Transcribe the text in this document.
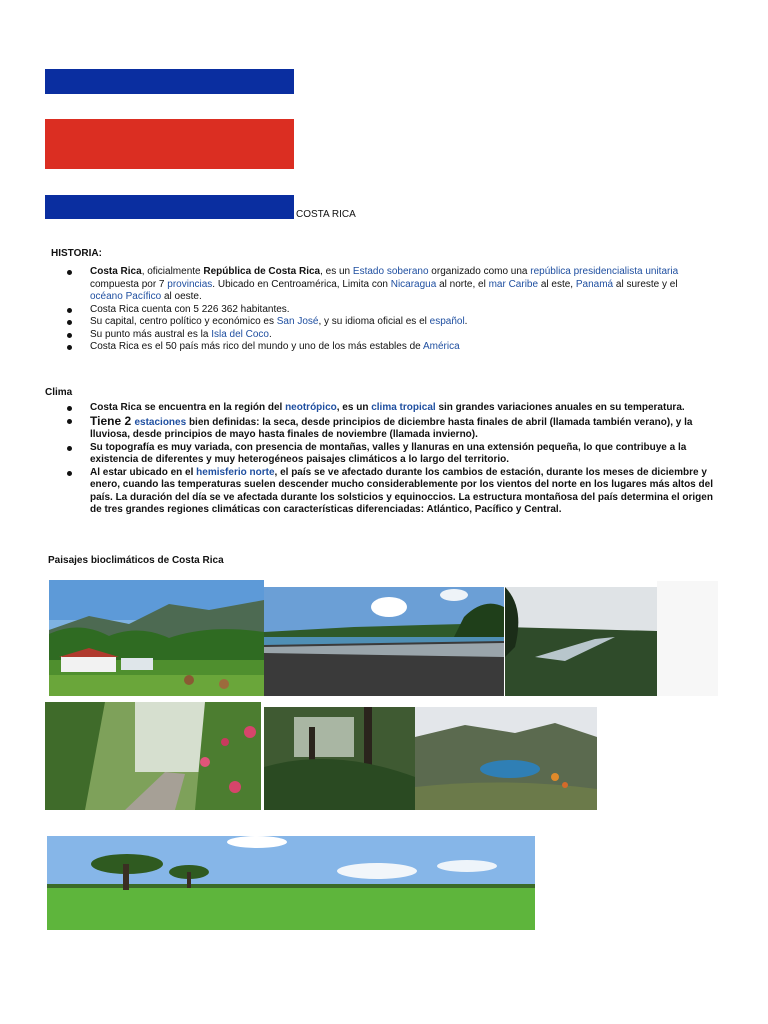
COSTA RICA
HISTORIA:
Costa Rica, oficialmente República de Costa Rica, es un Estado soberano organizado como una república presidencialista unitaria compuesta por 7 provincias. Ubicado en Centroamérica, Limita con Nicaragua al norte, el mar Caribe al este, Panamá al sureste y el océano Pacífico al oeste.
Costa Rica cuenta con 5 226 362 habitantes.
Su capital, centro político y económico es San José, y su idioma oficial es el español.
Su punto más austral es la Isla del Coco.
Costa Rica es el 50 país más rico del mundo y uno de los más estables de América
Clima
Costa Rica se encuentra en la región del neotrópico, es un clima tropical sin grandes variaciones anuales en su temperatura.
Tiene 2 estaciones bien definidas: la seca, desde principios de diciembre hasta finales de abril (llamada también verano), y la lluviosa, desde principios de mayo hasta finales de noviembre (llamada invierno).
Su topografía es muy variada, con presencia de montañas, valles y llanuras en una extensión pequeña, lo que contribuye a la existencia de diferentes y muy heterogéneos paisajes climáticos a lo largo del territorio.
Al estar ubicado en el hemisferio norte, el país se ve afectado durante los cambios de estación, durante los meses de diciembre y enero, cuando las temperaturas suelen descender mucho considerablemente por los vientos del norte en los lugares más altos del país. La duración del día se ve afectada durante los solsticios y equinoccios. La estructura montañosa del país determina el origen de tres grandes regiones climáticas con características diferenciadas: Atlántico, Pacífico y Central.
Paisajes bioclimáticos de Costa Rica
